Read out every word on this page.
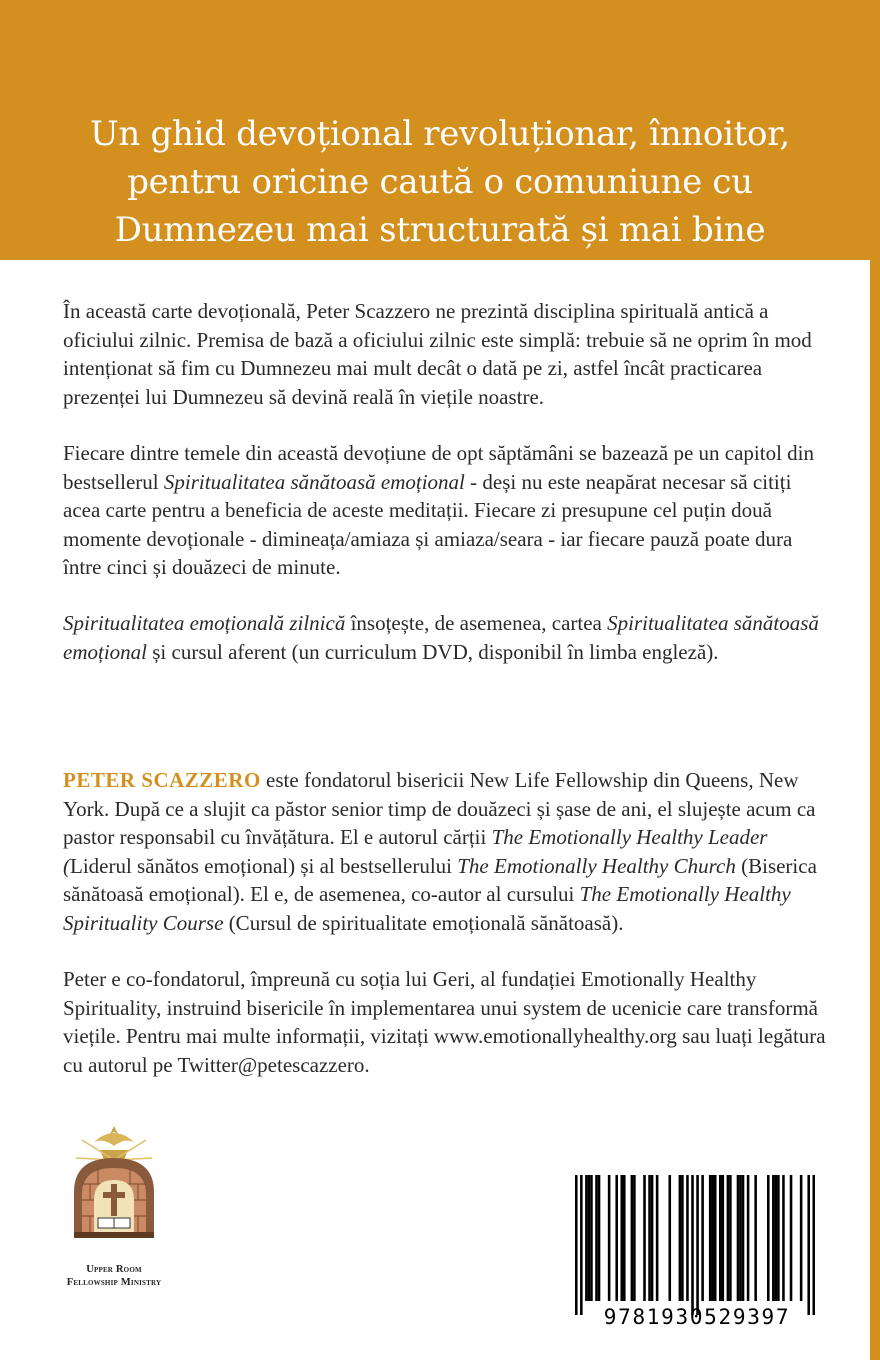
Un ghid devoțional revoluționar, înnoitor, pentru oricine caută o comuniune cu Dumnezeu mai structurată și mai bine planificată.

În această carte devoțională, Peter Scazzero ne prezintă disciplina spirituală antică a oficiului zilnic. Premisa de bază a oficiului zilnic este simplă: trebuie să ne oprim în mod intenționat să fim cu Dumnezeu mai mult decât o dată pe zi, astfel încât practicarea prezenței lui Dumnezeu să devină reală în viețile noastre.

Fiecare dintre temele din această devoțiune de opt săptămâni se bazează pe un capitol din bestsellerul Spiritualitatea sănătoasă emoțional - deși nu este neapărat necesar să citiți acea carte pentru a beneficia de aceste meditații. Fiecare zi presupune cel puțin două momente devoționale - dimineața/amiaza și amiaza/seara - iar fiecare pauză poate dura între cinci și douăzeci de minute.

Spiritualitatea emoțională zilnică însoțește, de asemenea, cartea Spiritualitatea sănătoasă emoțional și cursul aferent (un curriculum DVD, disponibil în limba engleză).

PETER SCAZZERO este fondatorul bisericii New Life Fellowship din Queens, New York. După ce a slujit ca păstor senior timp de douăzeci și șase de ani, el slujește acum ca pastor responsabil cu învățătura. El e autorul cărții The Emotionally Healthy Leader (Liderul sănătos emoțional) și al bestsellerului The Emotionally Healthy Church (Biserica sănătoasă emoțional). El e, de asemenea, co-autor al cursului The Emotionally Healthy Spirituality Course (Cursul de spiritualitate emoțională sănătoasă).

Peter e co-fondatorul, împreună cu soția lui Geri, al fundației Emotionally Healthy Spirituality, instruind bisericile în implementarea unui system de ucenicie care transformă viețile. Pentru mai multe informații, vizitați www.emotionallyhealthy.org sau luați legătura cu autorul pe Twitter@petescazzero.

Upper Room
Fellowship Ministry
9781930529397
